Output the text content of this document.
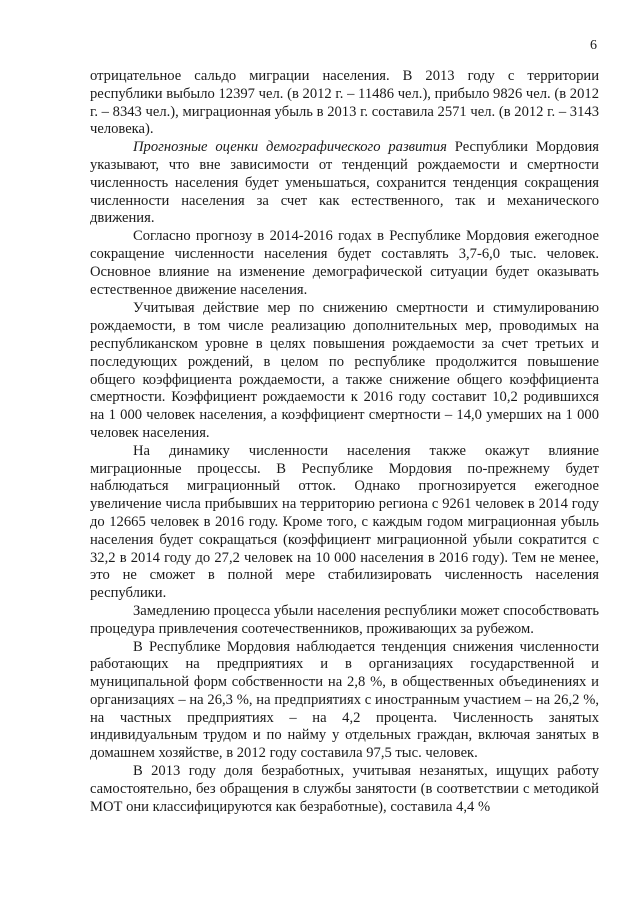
6

отрицательное сальдо миграции населения. В 2013 году с территории республики выбыло 12397 чел. (в 2012 г. – 11486 чел.), прибыло 9826 чел. (в 2012 г. – 8343 чел.), миграционная убыль в 2013 г. составила 2571 чел. (в 2012 г. – 3143 человека).

Прогнозные оценки демографического развития Республики Мордовия указывают, что вне зависимости от тенденций рождаемости и смертности численность населения будет уменьшаться, сохранится тенденция сокращения численности населения за счет как естественного, так и механического движения.

Согласно прогнозу в 2014-2016 годах в Республике Мордовия ежегодное сокращение численности населения будет составлять 3,7-6,0 тыс. человек. Основное влияние на изменение демографической ситуации будет оказывать естественное движение населения.

Учитывая действие мер по снижению смертности и стимулированию рождаемости, в том числе реализацию дополнительных мер, проводимых на республиканском уровне в целях повышения рождаемости за счет третьих и последующих рождений, в целом по республике продолжится повышение общего коэффициента рождаемости, а также снижение общего коэффициента смертности. Коэффициент рождаемости к 2016 году составит 10,2 родившихся на 1 000 человек населения, а коэффициент смертности – 14,0 умерших на 1 000 человек населения.

На динамику численности населения также окажут влияние миграционные процессы. В Республике Мордовия по-прежнему будет наблюдаться миграционный отток. Однако прогнозируется ежегодное увеличение числа прибывших на территорию региона с 9261 человек в 2014 году до 12665 человек в 2016 году. Кроме того, с каждым годом миграционная убыль населения будет сокращаться (коэффициент миграционной убыли сократится с 32,2 в 2014 году до 27,2 человек на 10 000 населения в 2016 году). Тем не менее, это не сможет в полной мере стабилизировать численность населения республики.

Замедлению процесса убыли населения республики может способствовать процедура привлечения соотечественников, проживающих за рубежом.

В Республике Мордовия наблюдается тенденция снижения численности работающих на предприятиях и в организациях государственной и муниципальной форм собственности на 2,8 %, в общественных объединениях и организациях – на 26,3 %, на предприятиях с иностранным участием – на 26,2 %, на частных предприятиях – на 4,2 процента. Численность занятых индивидуальным трудом и по найму у отдельных граждан, включая занятых в домашнем хозяйстве, в 2012 году составила 97,5 тыс. человек.

В 2013 году доля безработных, учитывая незанятых, ищущих работу самостоятельно, без обращения в службы занятости (в соответствии с методикой МОТ они классифицируются как безработные), составила 4,4 %
